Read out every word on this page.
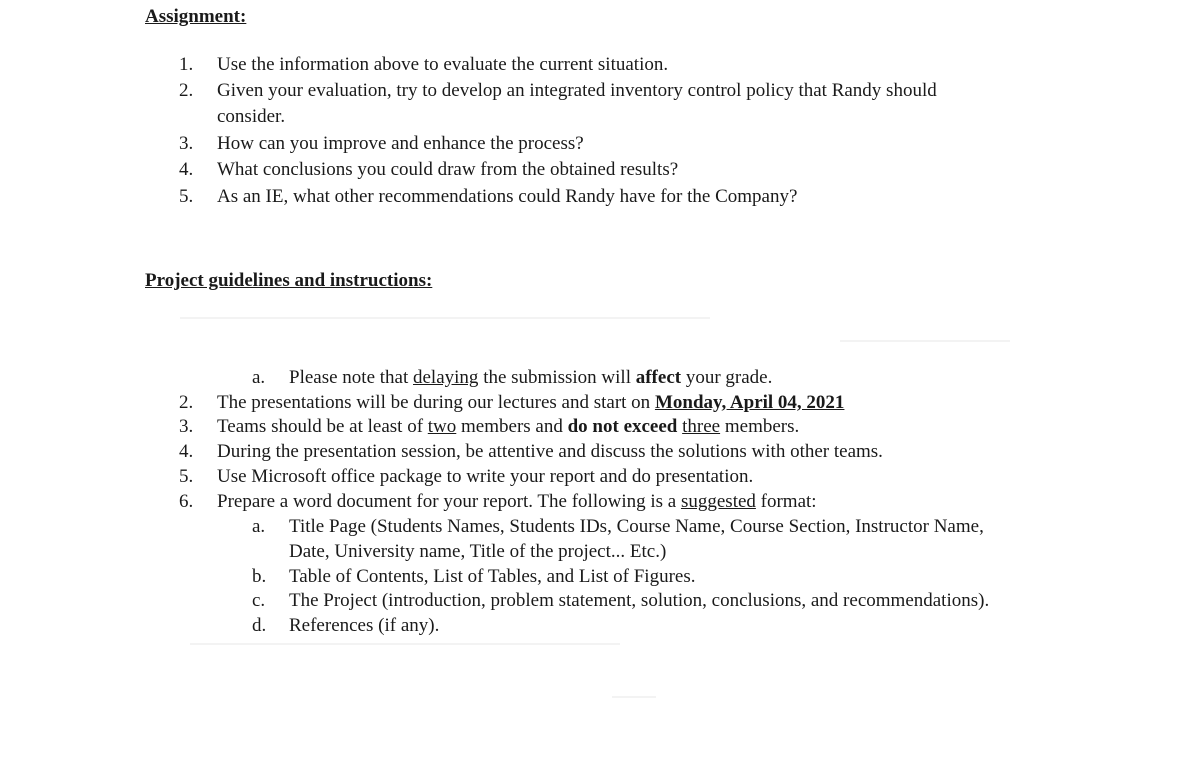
Assignment:
1.	Use the information above to evaluate the current situation.
2.	Given your evaluation, try to develop an integrated inventory control policy that Randy should
consider.
3.	How can you improve and enhance the process?
4.	What conclusions you could draw from the obtained results?
5.	As an IE, what other recommendations could Randy have for the Company?
Project guidelines and instructions:
a.	Please note that delaying the submission will affect your grade.
2.	The presentations will be during our lectures and start on Monday, April 04, 2021
3.	Teams should be at least of two members and do not exceed three members.
4.	During the presentation session, be attentive and discuss the solutions with other teams.
5.	Use Microsoft office package to write your report and do presentation.
6.	Prepare a word document for your report. The following is a suggested format:
a.	Title Page (Students Names, Students IDs, Course Name, Course Section, Instructor Name,
Date, University name, Title of the project... Etc.)
b.	Table of Contents, List of Tables, and List of Figures.
c.	The Project (introduction, problem statement, solution, conclusions, and recommendations).
d.	References (if any).
